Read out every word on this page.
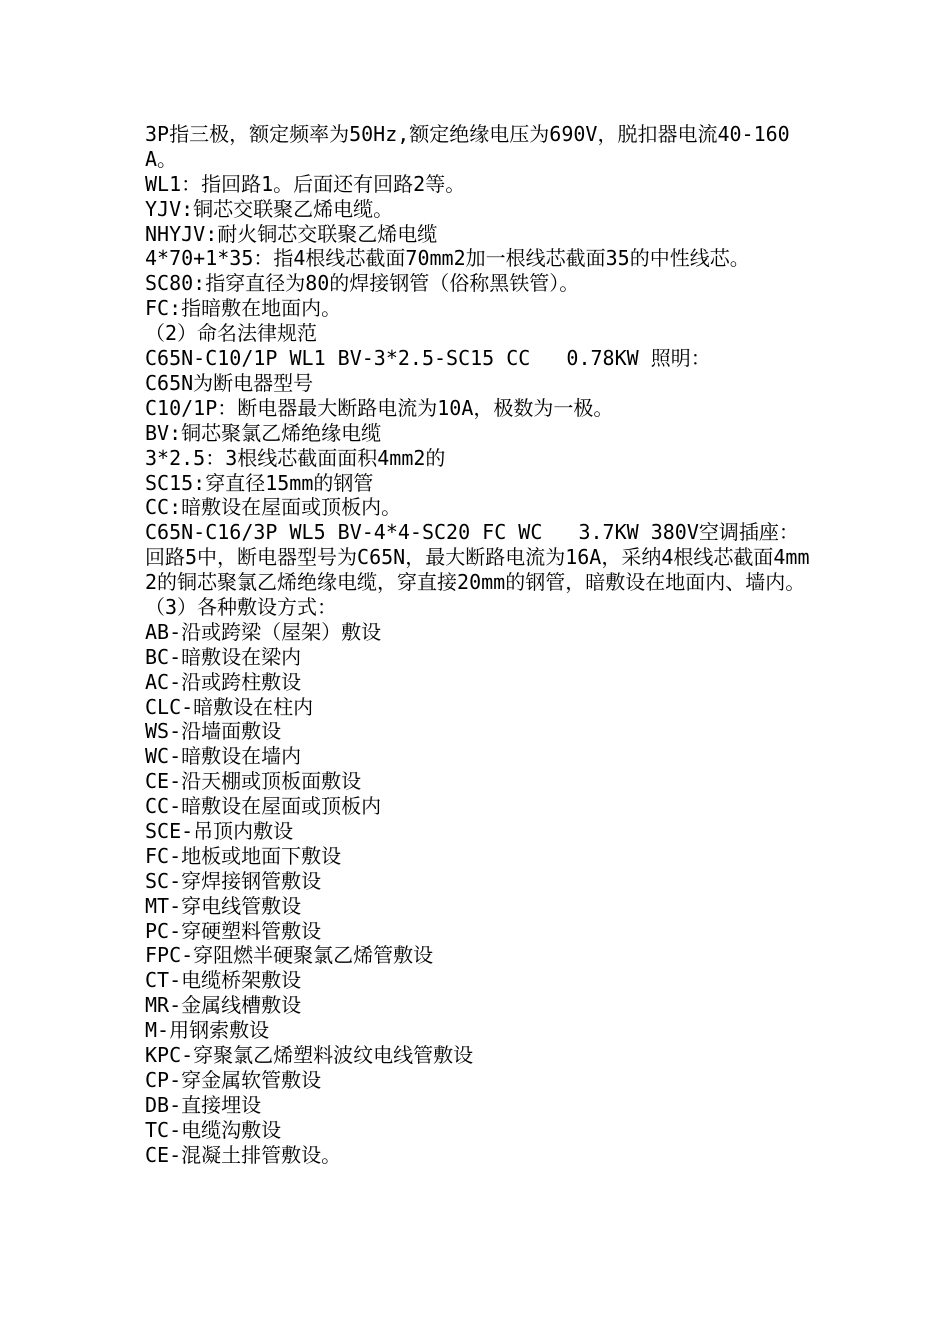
3P指三极，额定频率为50Hz,额定绝缘电压为690V，脱扣器电流40-160A。
WL1：指回路1。后面还有回路2等。
YJV:铜芯交联聚乙烯电缆。
NHYJV:耐火铜芯交联聚乙烯电缆
4*70+1*35：指4根线芯截面70mm2加一根线芯截面35的中性线芯。
SC80:指穿直径为80的焊接钢管（俗称黑铁管）。
FC:指暗敷在地面内。
（2）命名法律规范
C65N-C10/1P WL1 BV-3*2.5-SC15 CC   0.78KW 照明：
C65N为断电器型号
C10/1P：断电器最大断路电流为10A，极数为一极。
BV:铜芯聚氯乙烯绝缘电缆
3*2.5：3根线芯截面面积4mm2的
SC15:穿直径15mm的钢管
CC:暗敷设在屋面或顶板内。
C65N-C16/3P WL5 BV-4*4-SC20 FC WC   3.7KW 380V空调插座：
回路5中，断电器型号为C65N，最大断路电流为16A，采纳4根线芯截面4mm2的铜芯聚氯乙烯绝缘电缆，穿直接20mm的钢管，暗敷设在地面内、墙内。
（3）各种敷设方式：
AB-沿或跨梁（屋架）敷设
BC-暗敷设在梁内
AC-沿或跨柱敷设
CLC-暗敷设在柱内
WS-沿墙面敷设
WC-暗敷设在墙内
CE-沿天棚或顶板面敷设
CC-暗敷设在屋面或顶板内
SCE-吊顶内敷设
FC-地板或地面下敷设
SC-穿焊接钢管敷设
MT-穿电线管敷设
PC-穿硬塑料管敷设
FPC-穿阻燃半硬聚氯乙烯管敷设
CT-电缆桥架敷设
MR-金属线槽敷设
M-用钢索敷设
KPC-穿聚氯乙烯塑料波纹电线管敷设
CP-穿金属软管敷设
DB-直接埋设
TC-电缆沟敷设
CE-混凝土排管敷设。
